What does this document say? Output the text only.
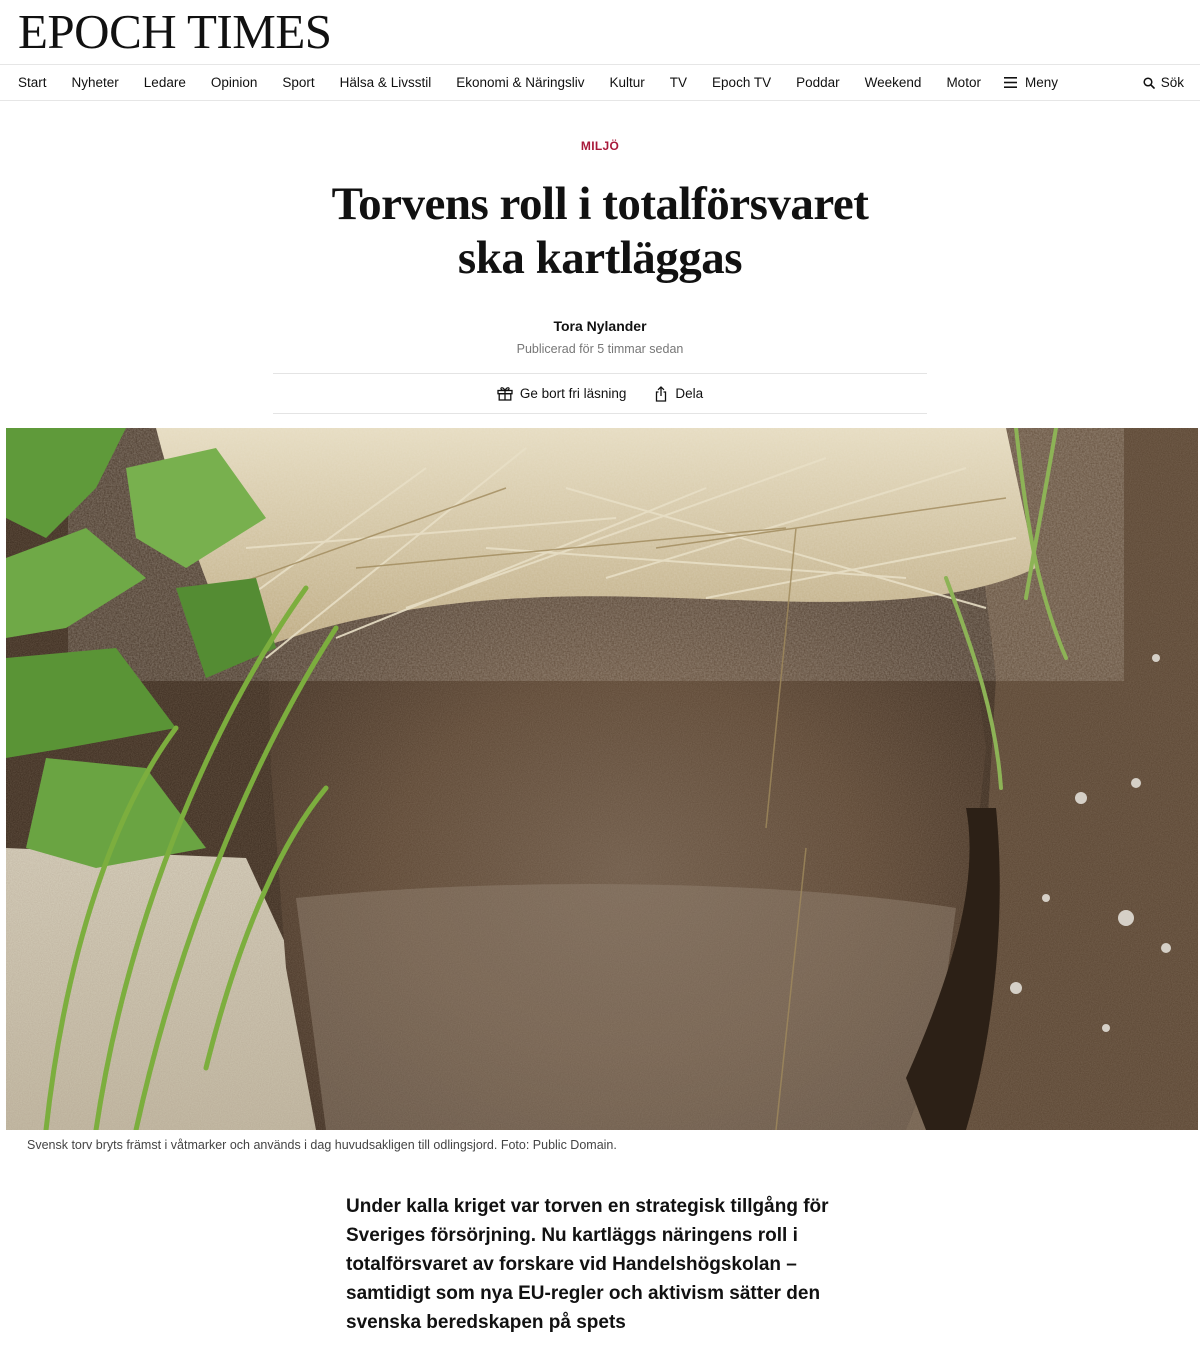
EPOCH TIMES
Start Nyheter Ledare Opinion Sport Hälsa & Livsstil Ekonomi & Näringsliv Kultur TV Epoch TV Poddar Weekend Motor	Meny	Sök
MILJÖ
Torvens roll i totalförsvaret
ska kartläggas
Tora Nylander
Publicerad för 5 timmar sedan
Ge bort fri läsning	Dela
Svensk torv bryts främst i våtmarker och används i dag huvudsakligen till odlingsjord. Foto: Public Domain.

Under kalla kriget var torven en strategisk tillgång för Sveriges försörjning. Nu kartläggs näringens roll i totalförsvaret av forskare vid Handelshögskolan – samtidigt som nya EU-regler och aktivism sätter den svenska beredskapen på spets
